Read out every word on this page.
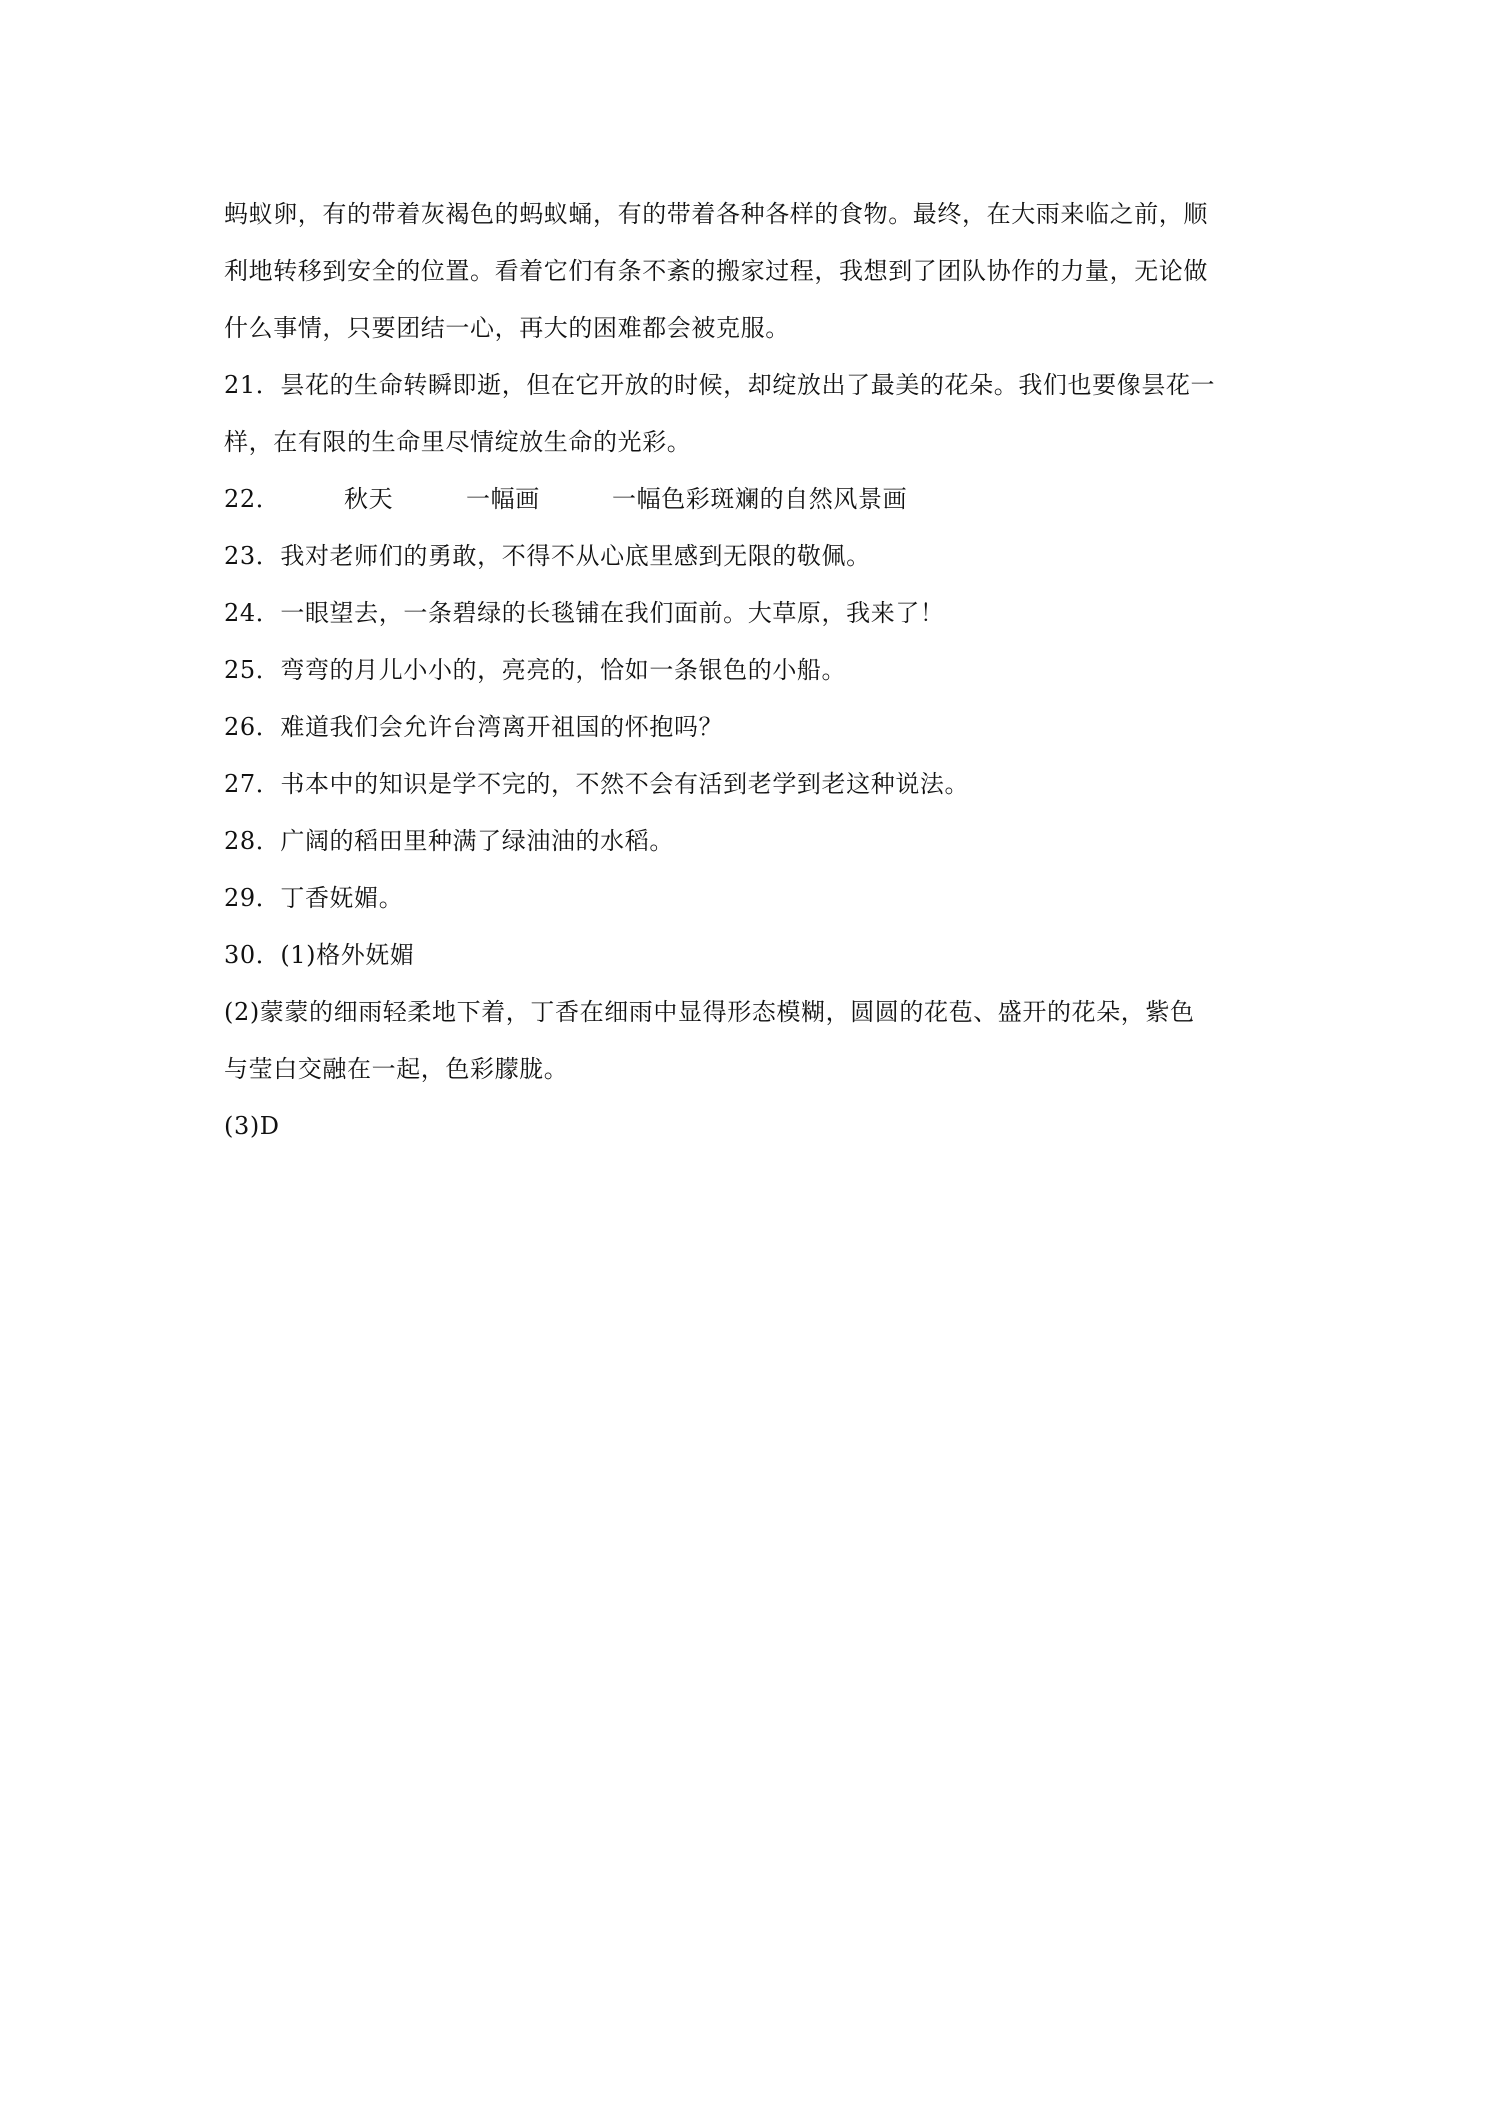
蚂蚁卵，有的带着灰褐色的蚂蚁蛹，有的带着各种各样的食物。最终，在大雨来临之前，顺
利地转移到安全的位置。看着它们有条不紊的搬家过程，我想到了团队协作的力量，无论做
什么事情，只要团结一心，再大的困难都会被克服。
21．昙花的生命转瞬即逝，但在它开放的时候，却绽放出了最美的花朵。我们也要像昙花一
样，在有限的生命里尽情绽放生命的光彩。
22．	秋天	一幅画	一幅色彩斑斓的自然风景画
23．我对老师们的勇敢，不得不从心底里感到无限的敬佩。
24．一眼望去，一条碧绿的长毯铺在我们面前。大草原，我来了！
25．弯弯的月儿小小的，亮亮的，恰如一条银色的小船。
26．难道我们会允许台湾离开祖国的怀抱吗？
27．书本中的知识是学不完的，不然不会有活到老学到老这种说法。
28．广阔的稻田里种满了绿油油的水稻。
29．丁香妩媚。
30．(1)格外妩媚
(2)蒙蒙的细雨轻柔地下着，丁香在细雨中显得形态模糊，圆圆的花苞、盛开的花朵，紫色
与莹白交融在一起，色彩朦胧。
(3)D
